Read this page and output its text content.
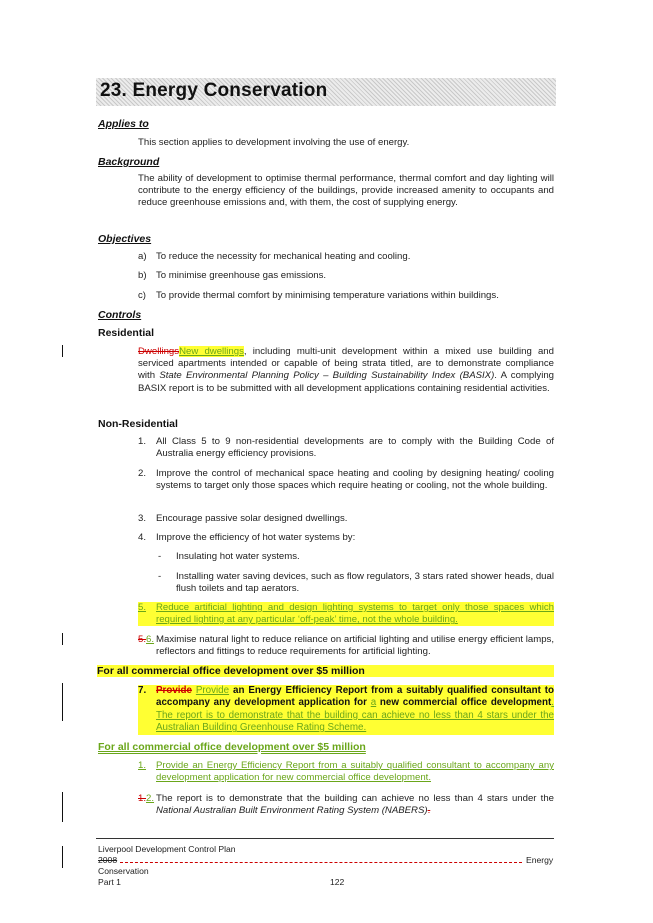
23. Energy Conservation
Applies to
This section applies to development involving the use of energy.
Background
The ability of development to optimise thermal performance, thermal comfort and day lighting will contribute to the energy efficiency of the buildings, provide increased amenity to occupants and reduce greenhouse emissions and, with them, the cost of supplying energy.
Objectives
a) To reduce the necessity for mechanical heating and cooling.
b) To minimise greenhouse gas emissions.
c)	To provide thermal comfort by minimising temperature variations within buildings.
Controls
Residential
DwellingsNew dwellings, including multi-unit development within a mixed use building and serviced apartments intended or capable of being strata titled, are to demonstrate compliance with State Environmental Planning Policy – Building Sustainability Index (BASIX). A complying BASIX report is to be submitted with all development applications containing residential activities.
Non-Residential
1.	All Class 5 to 9 non-residential developments are to comply with the Building Code of Australia energy efficiency provisions.
2.	Improve the control of mechanical space heating and cooling by designing heating/ cooling systems to target only those spaces which require heating or cooling, not the whole building.
3.	Encourage passive solar designed dwellings.
4.	Improve the efficiency of hot water systems by:
-	Insulating hot water systems.
-	Installing water saving devices, such as flow regulators, 3 stars rated shower heads, dual flush toilets and tap aerators.
5.	Reduce artificial lighting and design lighting systems to target only those spaces which required lighting at any particular ‘off-peak’ time, not the whole building.
5.6. Maximise natural light to reduce reliance on artificial lighting and utilise energy efficient lamps, reflectors and fittings to reduce requirements for artificial lighting.
For all commercial office development over $5 million
7.	Provide Provide an Energy Efficiency Report from a suitably qualified consultant to accompany any development application for a new commercial office development. The report is to demonstrate that the building can achieve no less than 4 stars under the Australian Building Greenhouse Rating Scheme.
For all commercial office development over $5 million
1.	Provide an Energy Efficiency Report from a suitably qualified consultant to accompany any development application for new commercial office development.
1.2. The report is to demonstrate that the building can achieve no less than 4 stars under the National Australian Built Environment Rating System (NABERS).
Liverpool Development Control Plan
2008	Energy
Conservation
Part 1	122
